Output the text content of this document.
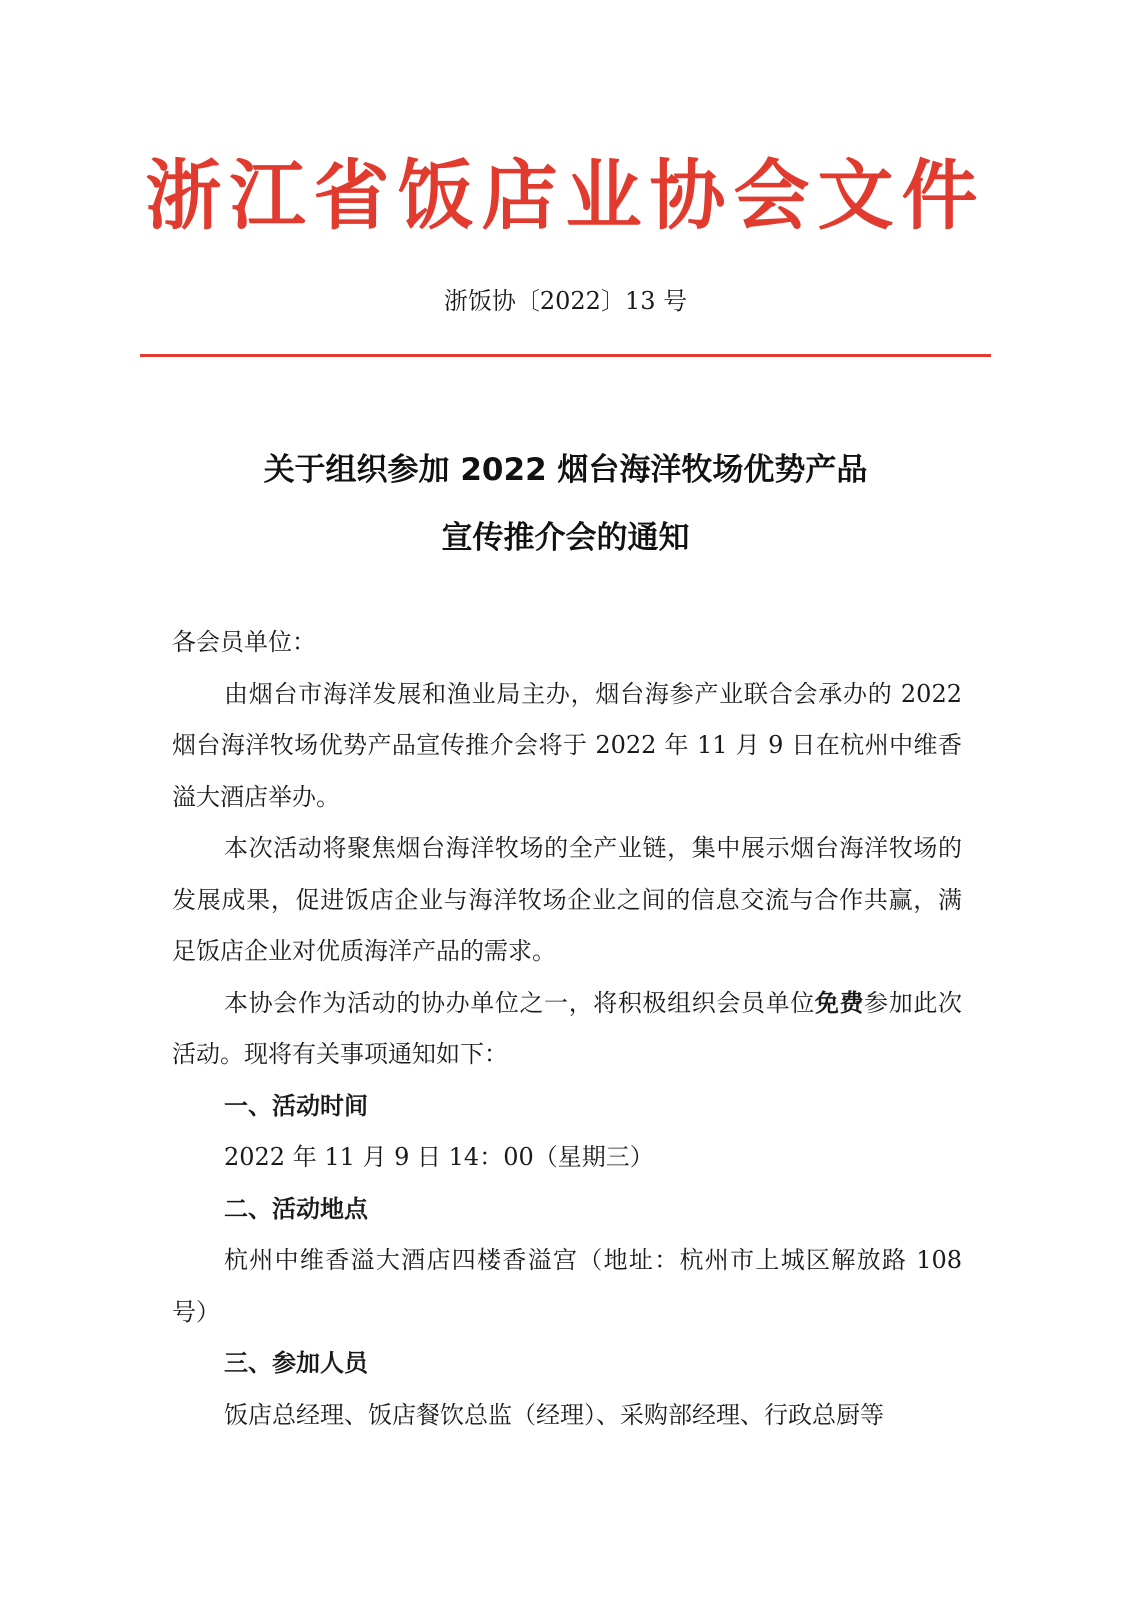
浙江省饭店业协会文件
浙饭协〔2022〕13 号
关于组织参加 2022 烟台海洋牧场优势产品
宣传推介会的通知

各会员单位：

由烟台市海洋发展和渔业局主办，烟台海参产业联合会承办的 2022 烟台海洋牧场优势产品宣传推介会将于 2022 年 11 月 9 日在杭州中维香溢大酒店举办。

本次活动将聚焦烟台海洋牧场的全产业链，集中展示烟台海洋牧场的发展成果，促进饭店企业与海洋牧场企业之间的信息交流与合作共赢，满足饭店企业对优质海洋产品的需求。

本协会作为活动的协办单位之一，将积极组织会员单位免费参加此次活动。现将有关事项通知如下：

一、活动时间

2022 年 11 月 9 日 14：00（星期三）

二、活动地点

杭州中维香溢大酒店四楼香溢宫（地址：杭州市上城区解放路 108 号）

三、参加人员

饭店总经理、饭店餐饮总监（经理）、采购部经理、行政总厨等
